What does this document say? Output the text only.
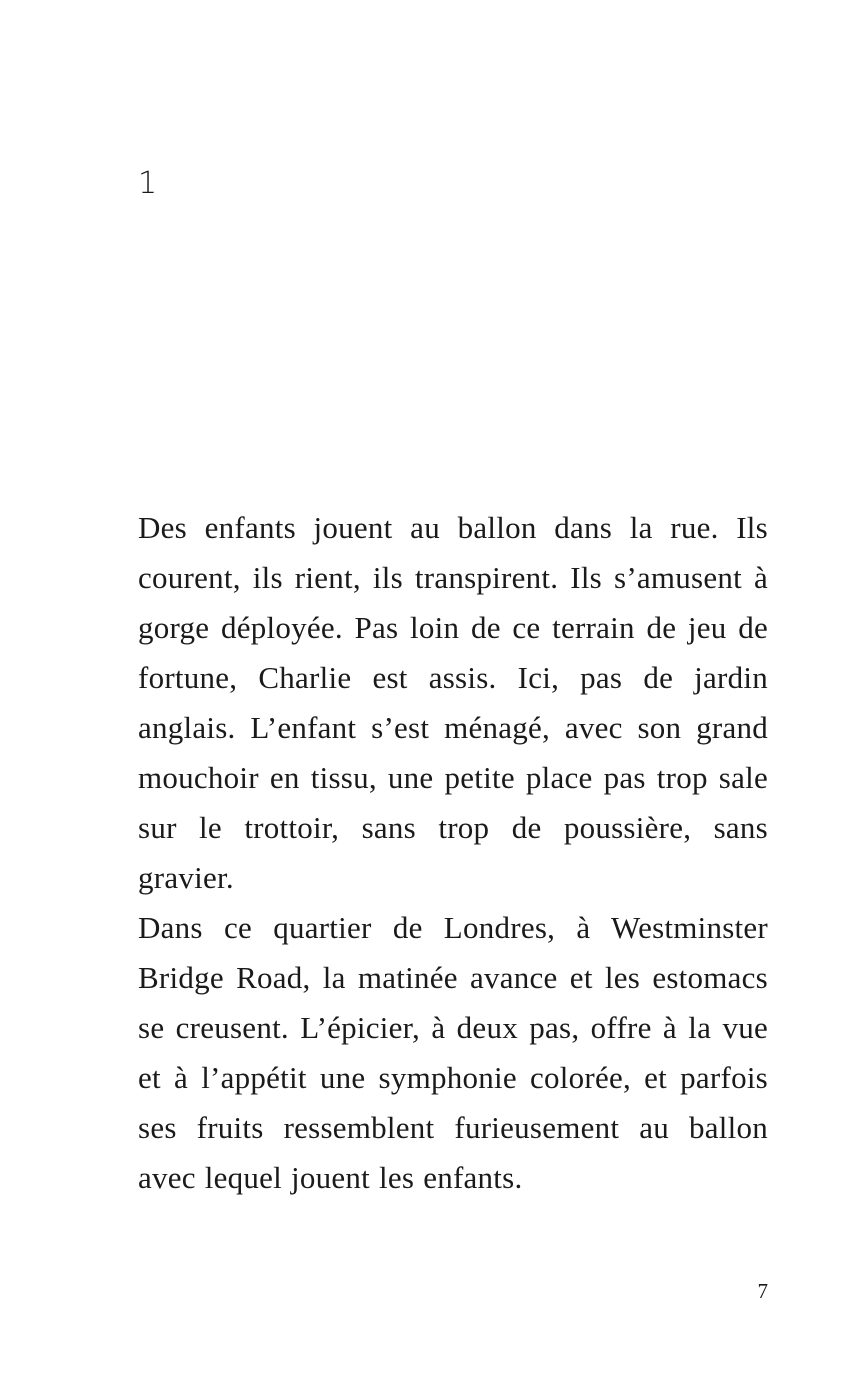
1

Des enfants jouent au ballon dans la rue. Ils courent, ils rient, ils transpirent. Ils s’amusent à gorge déployée. Pas loin de ce terrain de jeu de fortune, Charlie est assis. Ici, pas de jardin anglais. L’enfant s’est ménagé, avec son grand mouchoir en tissu, une petite place pas trop sale sur le trottoir, sans trop de poussière, sans gravier.

Dans ce quartier de Londres, à Westminster Bridge Road, la matinée avance et les estomacs se creusent. L’épicier, à deux pas, offre à la vue et à l’appétit une symphonie colorée, et parfois ses fruits ressemblent furieusement au ballon avec lequel jouent les enfants.

7
